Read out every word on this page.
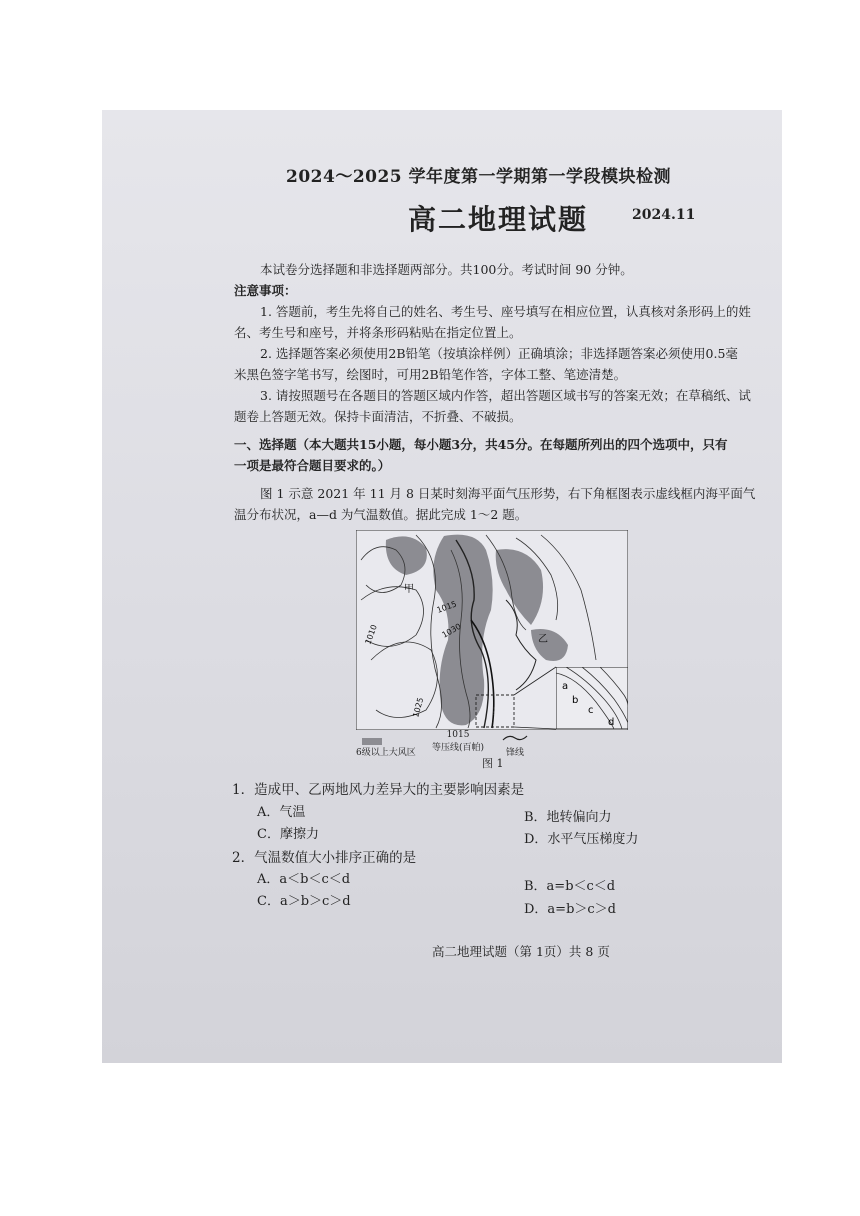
2024～2025 学年度第一学期第一学段模块检测
高二地理试题	2024.11
本试卷分选择题和非选择题两部分。共100分。考试时间 90 分钟。
注意事项：
1. 答题前，考生先将自己的姓名、考生号、座号填写在相应位置，认真核对条形码上的姓
名、考生号和座号，并将条形码粘贴在指定位置上。
2. 选择题答案必须使用2B铅笔（按填涂样例）正确填涂；非选择题答案必须使用0.5毫
米黑色签字笔书写，绘图时，可用2B铅笔作答，字体工整、笔迹清楚。
3. 请按照题号在各题目的答题区域内作答，超出答题区域书写的答案无效；在草稿纸、试
题卷上答题无效。保持卡面清洁，不折叠、不破损。
一、选择题（本大题共15小题，每小题3分，共45分。在每题所列出的四个选项中，只有
一项是最符合题目要求的。）
图 1 示意 2021 年 11 月 8 日某时刻海平面气压形势，右下角框图表示虚线框内海平面气
温分布状况，a—d 为气温数值。据此完成 1～2 题。
甲
乙
1010
1025
1030
1015
a
b
c
d
6级以上大风区
1015
等压线(百帕)	锋线
图 1
1．造成甲、乙两地风力差异大的主要影响因素是
A．气温	B．地转偏向力
C．摩擦力	D．水平气压梯度力
2．气温数值大小排序正确的是
A．a＜b＜c＜d	B．a=b＜c＜d
C．a＞b＞c＞d
D．a=b＞c＞d
高二地理试题（第 1页）共 8 页
